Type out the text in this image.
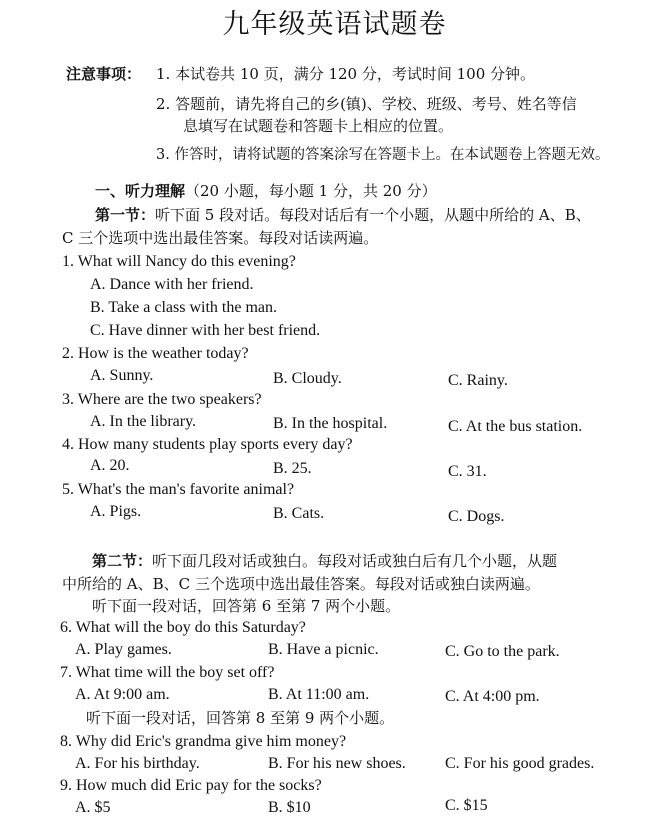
九年级英语试题卷
注意事项： 1. 本试卷共 10 页，满分 120 分，考试时间 100 分钟。
2. 答题前，请先将自己的乡(镇)、学校、班级、考号、姓名等信
息填写在试题卷和答题卡上相应的位置。
3. 作答时，请将试题的答案涂写在答题卡上。在本试题卷上答题无效。
一、听力理解（20 小题，每小题 1 分，共 20 分）
第一节：听下面 5 段对话。每段对话后有一个小题，从题中所给的 A、B、
C 三个选项中选出最佳答案。每段对话读两遍。
1. What will Nancy do this evening?
A. Dance with her friend.
B. Take a class with the man.
C. Have dinner with her best friend.
2. How is the weather today?
A. Sunny.	B. Cloudy.	C. Rainy.
3. Where are the two speakers?
A. In the library.	B. In the hospital.	C. At the bus station.
4. How many students play sports every day?
A. 20.	B. 25.	C. 31.
5. What's the man's favorite animal?
A. Pigs.	B. Cats.	C. Dogs.
第二节：听下面几段对话或独白。每段对话或独白后有几个小题，从题
中所给的 A、B、C 三个选项中选出最佳答案。每段对话或独白读两遍。
听下面一段对话，回答第 6 至第 7 两个小题。
6. What will the boy do this Saturday?
A. Play games.	B. Have a picnic.	C. Go to the park.
7. What time will the boy set off?
A. At 9:00 am.	B. At 11:00 am.	C. At 4:00 pm.
听下面一段对话，回答第 8 至第 9 两个小题。
8. Why did Eric's grandma give him money?
A. For his birthday.	B. For his new shoes. C. For his good grades.
9. How much did Eric pay for the socks?
A. $5	B. $10	C. $15
